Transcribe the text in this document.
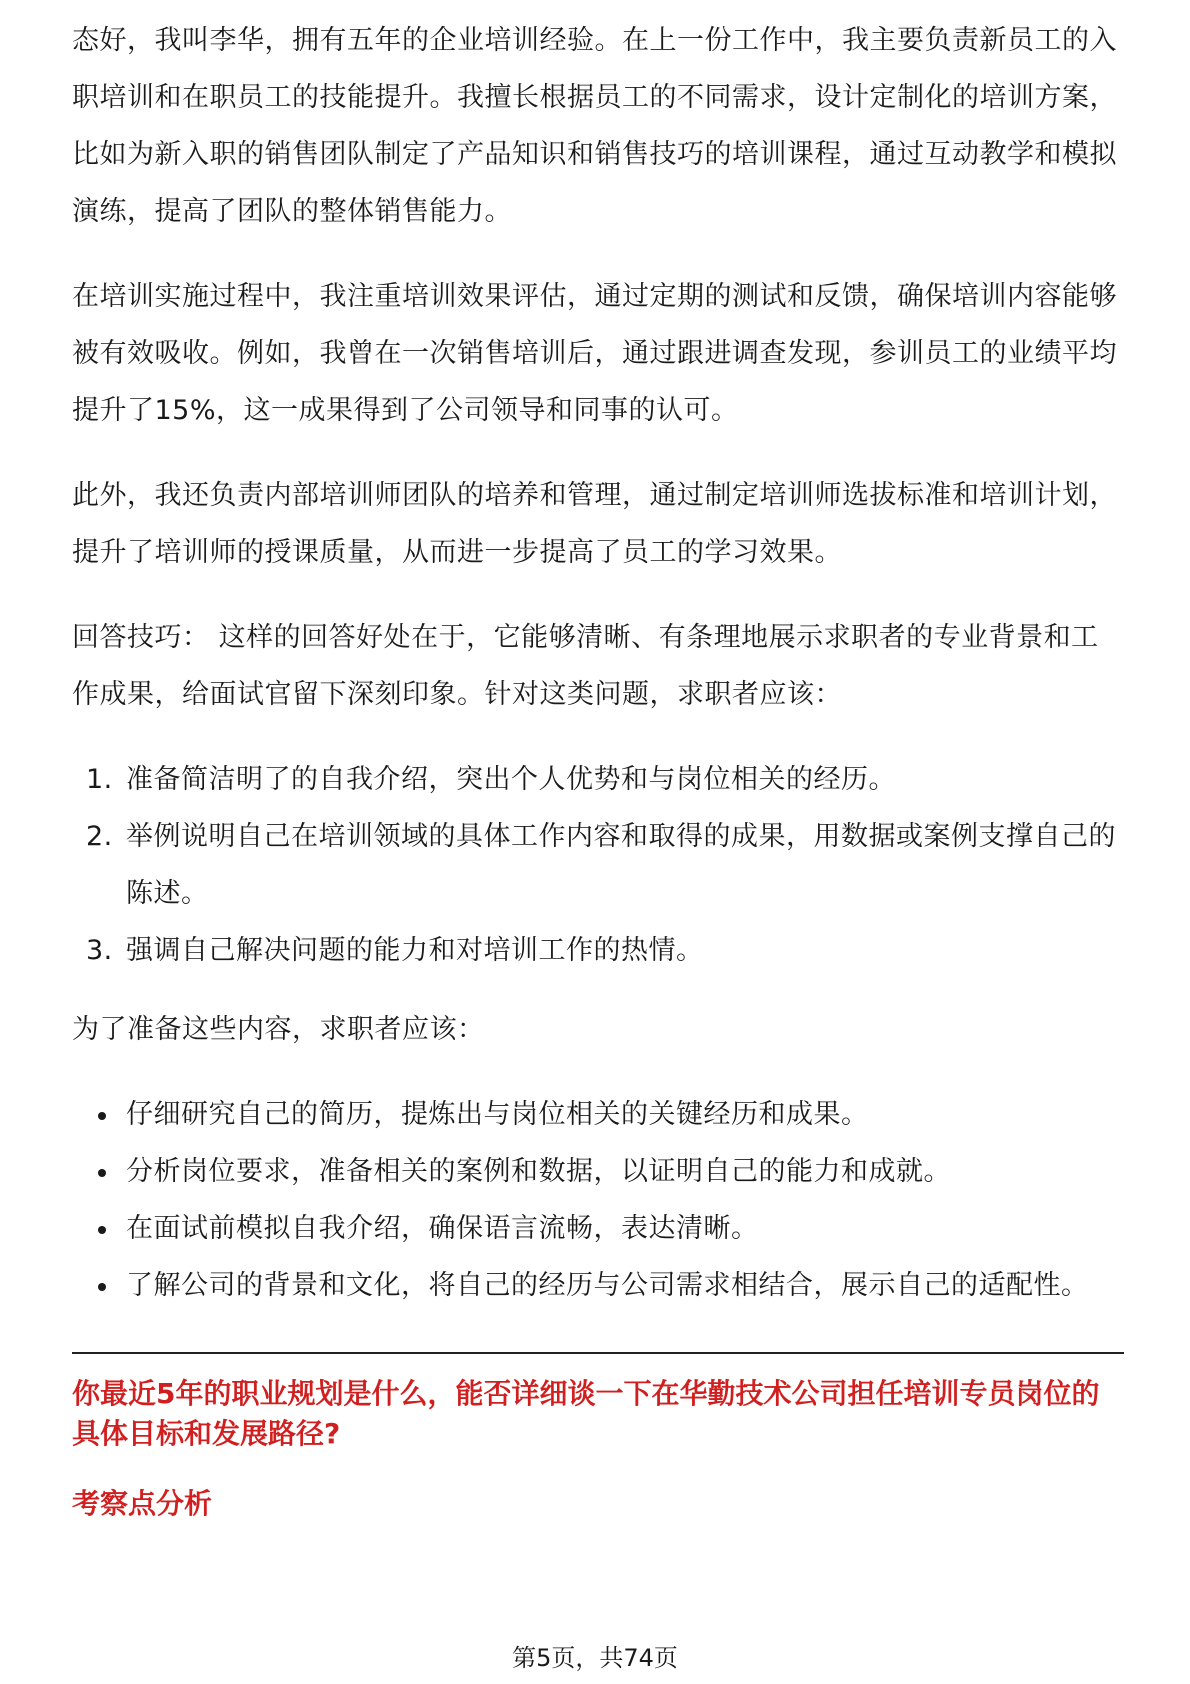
态好，我叫李华，拥有五年的企业培训经验。在上一份工作中，我主要负责新员工的入职培训和在职员工的技能提升。我擅长根据员工的不同需求，设计定制化的培训方案，比如为新入职的销售团队制定了产品知识和销售技巧的培训课程，通过互动教学和模拟演练，提高了团队的整体销售能力。

在培训实施过程中，我注重培训效果评估，通过定期的测试和反馈，确保培训内容能够被有效吸收。例如，我曾在一次销售培训后，通过跟进调查发现，参训员工的业绩平均提升了15%，这一成果得到了公司领导和同事的认可。

此外，我还负责内部培训师团队的培养和管理，通过制定培训师选拔标准和培训计划，提升了培训师的授课质量，从而进一步提高了员工的学习效果。

回答技巧： 这样的回答好处在于，它能够清晰、有条理地展示求职者的专业背景和工作成果，给面试官留下深刻印象。针对这类问题，求职者应该：

1. 准备简洁明了的自我介绍，突出个人优势和与岗位相关的经历。
2. 举例说明自己在培训领域的具体工作内容和取得的成果，用数据或案例支撑自己的陈述。
3. 强调自己解决问题的能力和对培训工作的热情。

为了准备这些内容，求职者应该：

仔细研究自己的简历，提炼出与岗位相关的关键经历和成果。
分析岗位要求，准备相关的案例和数据，以证明自己的能力和成就。
在面试前模拟自我介绍，确保语言流畅，表达清晰。
了解公司的背景和文化，将自己的经历与公司需求相结合，展示自己的适配性。

你最近5年的职业规划是什么，能否详细谈一下在华勤技术公司担任培训专员岗位的具体目标和发展路径?

考察点分析

第5页，共74页
